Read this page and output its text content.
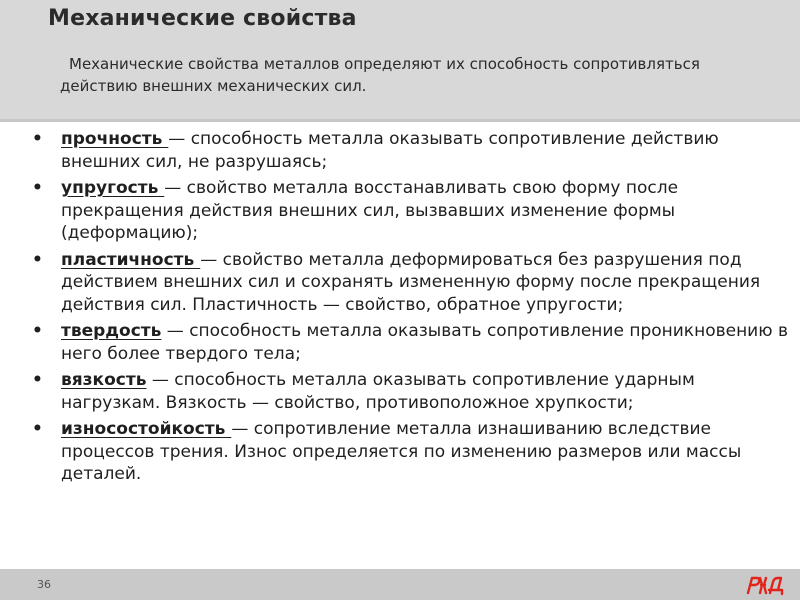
Механические свойства
Механические свойства металлов определяют их способность сопротивляться действию внешних механических сил.
• прочность — способность металла оказывать сопротивление действию внешних сил, не разрушаясь;
• упругость — свойство металла восстанавливать свою форму после прекращения действия внешних сил, вызвавших изменение формы (деформацию);
• пластичность — свойство металла деформироваться без разрушения под действием внешних сил и сохранять измененную форму после прекращения действия сил. Пластичность — свойство, обратное упругости;
• твердость — способность металла оказывать сопротивление проникновению в него более твердого тела;
• вязкость — способность металла оказывать сопротивление ударным нагрузкам. Вязкость — свойство, противоположное хрупкости;
• износостойкость — сопротивление металла изнашиванию вследствие процессов трения. Износ определяется по изменению размеров или массы деталей.
36
